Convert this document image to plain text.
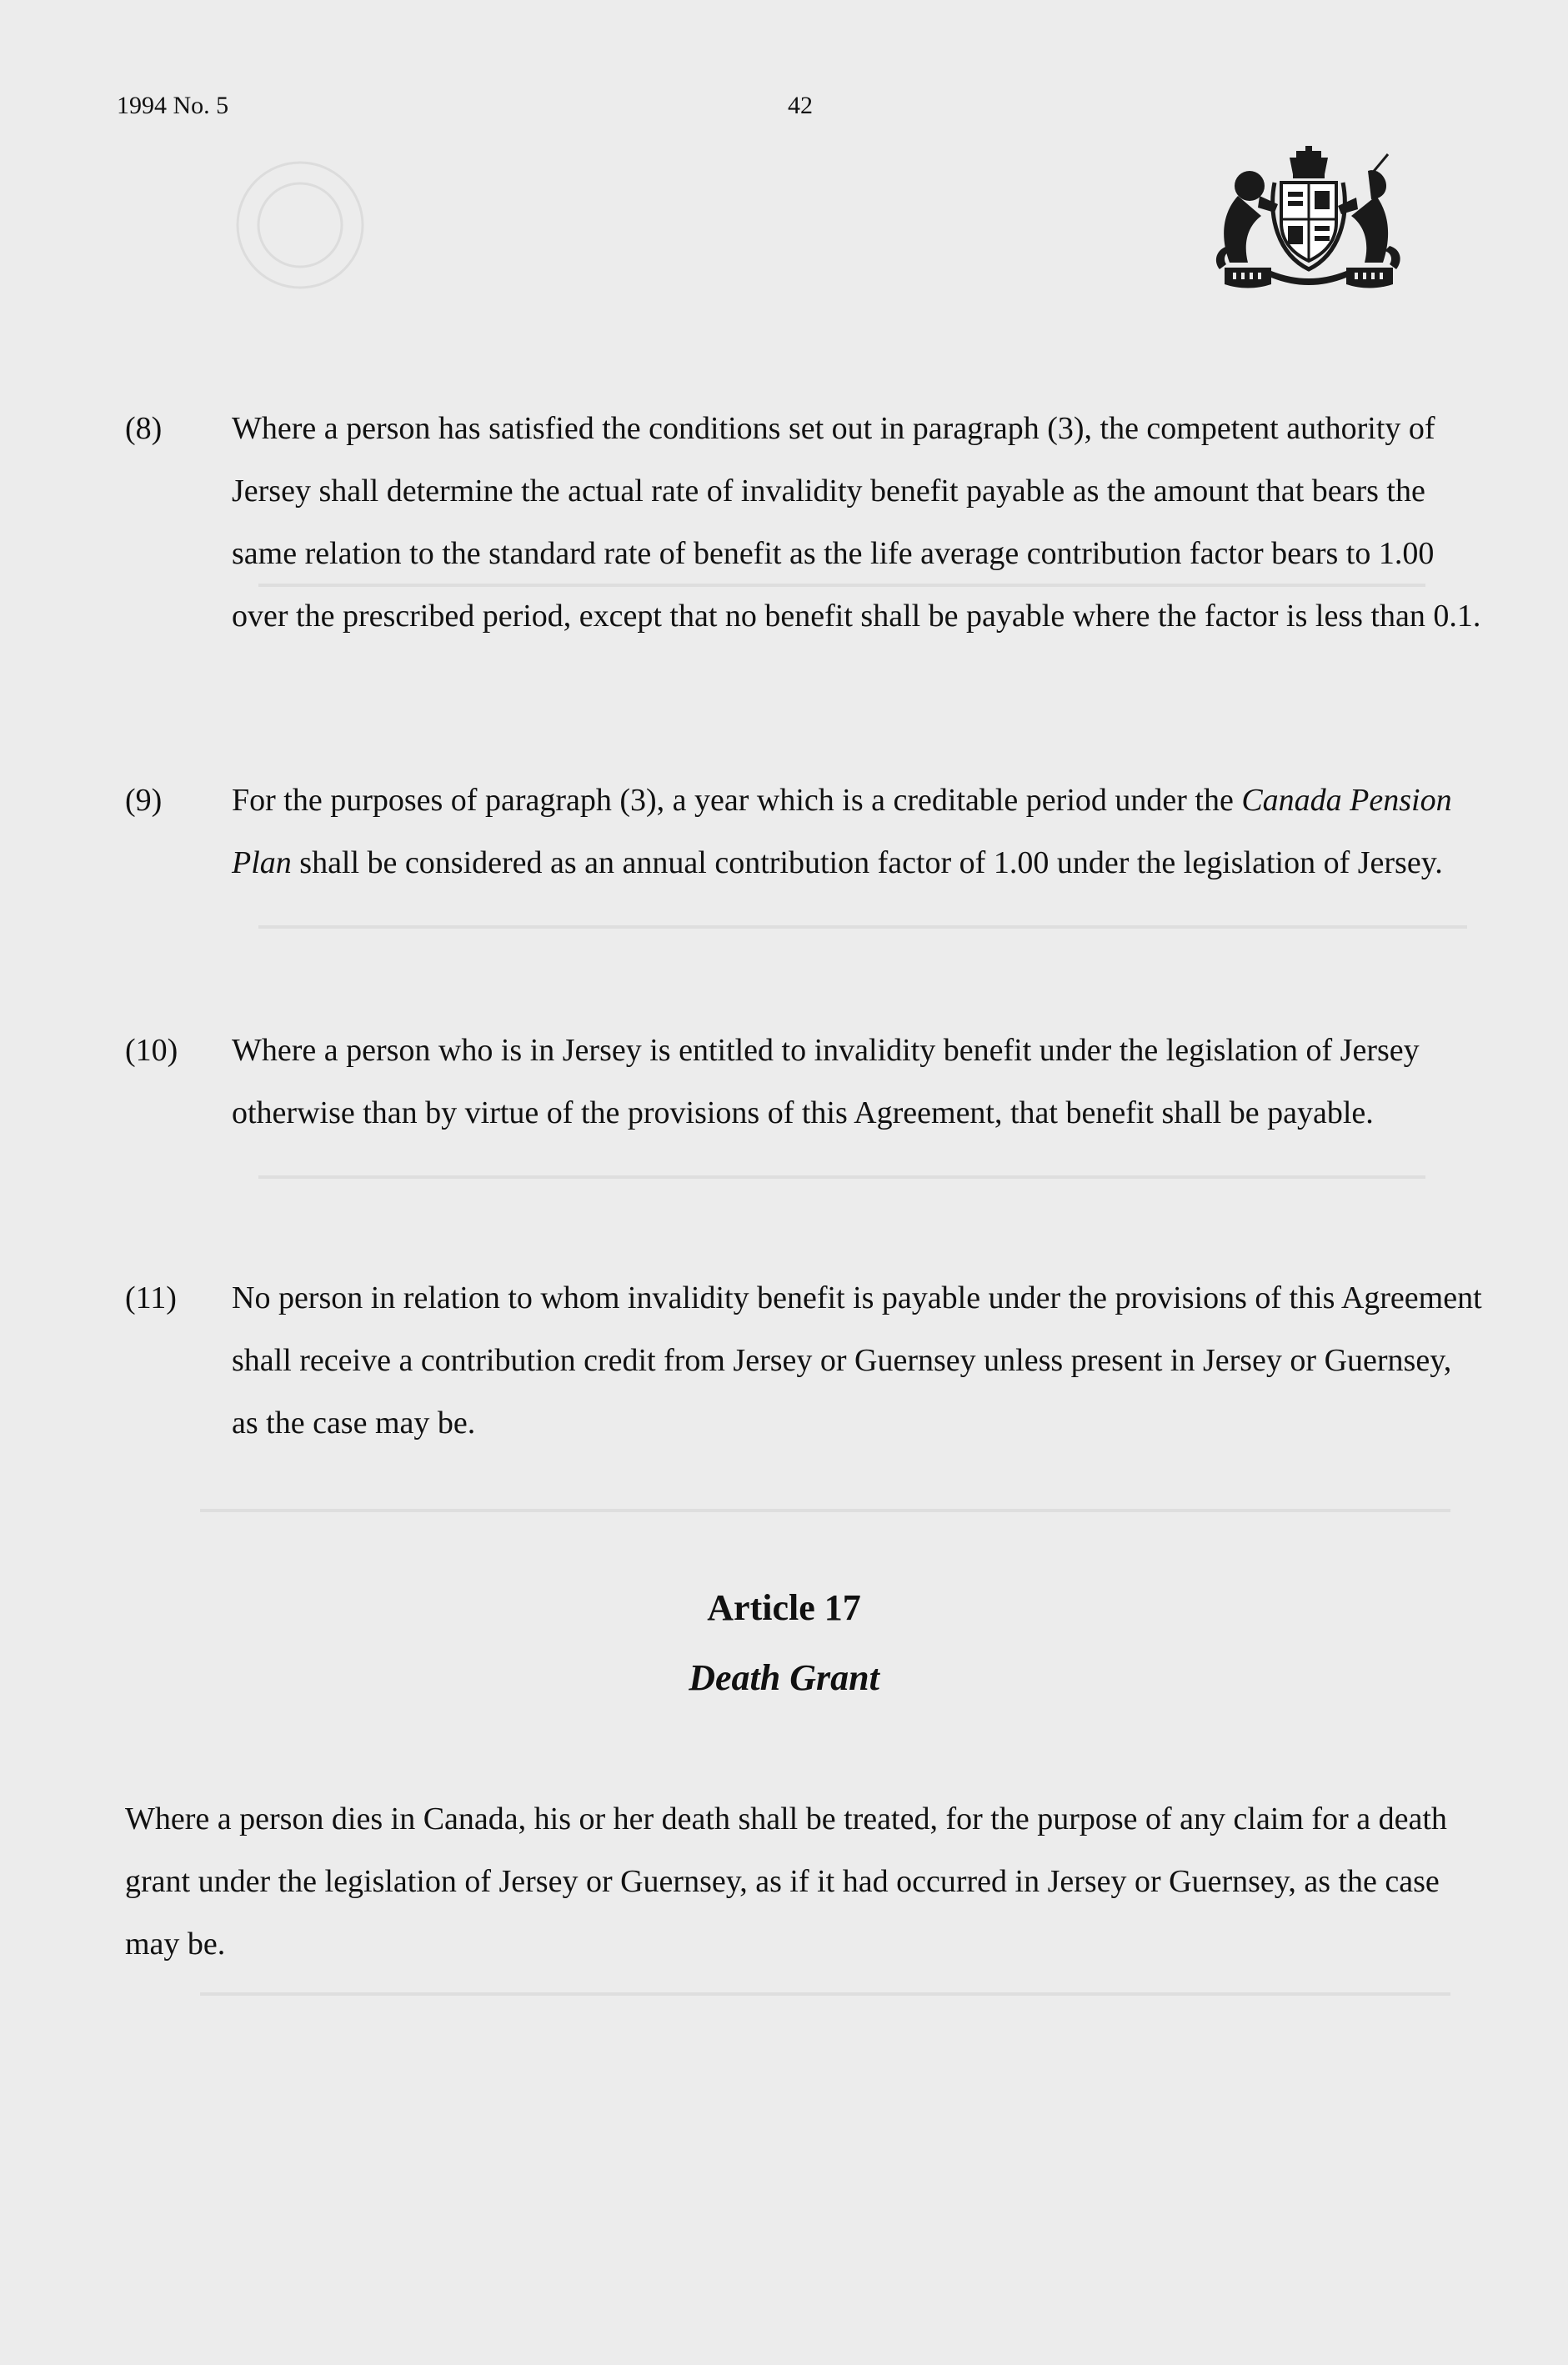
1994 No. 5	42
(8) Where a person has satisfied the conditions set out in paragraph (3), the competent authority of Jersey shall determine the actual rate of invalidity benefit payable as the amount that bears the same relation to the standard rate of benefit as the life average contribution factor bears to 1.00 over the prescribed period, except that no benefit shall be payable where the factor is less than 0.1.
(9) For the purposes of paragraph (3), a year which is a creditable period under the Canada Pension Plan shall be considered as an annual contribution factor of 1.00 under the legislation of Jersey.
(10) Where a person who is in Jersey is entitled to invalidity benefit under the legislation of Jersey otherwise than by virtue of the provisions of this Agreement, that benefit shall be payable.
(11) No person in relation to whom invalidity benefit is payable under the provisions of this Agreement shall receive a contribution credit from Jersey or Guernsey unless present in Jersey or Guernsey, as the case may be.
Article 17
Death Grant
Where a person dies in Canada, his or her death shall be treated, for the purpose of any claim for a death grant under the legislation of Jersey or Guernsey, as if it had occurred in Jersey or Guernsey, as the case may be.
